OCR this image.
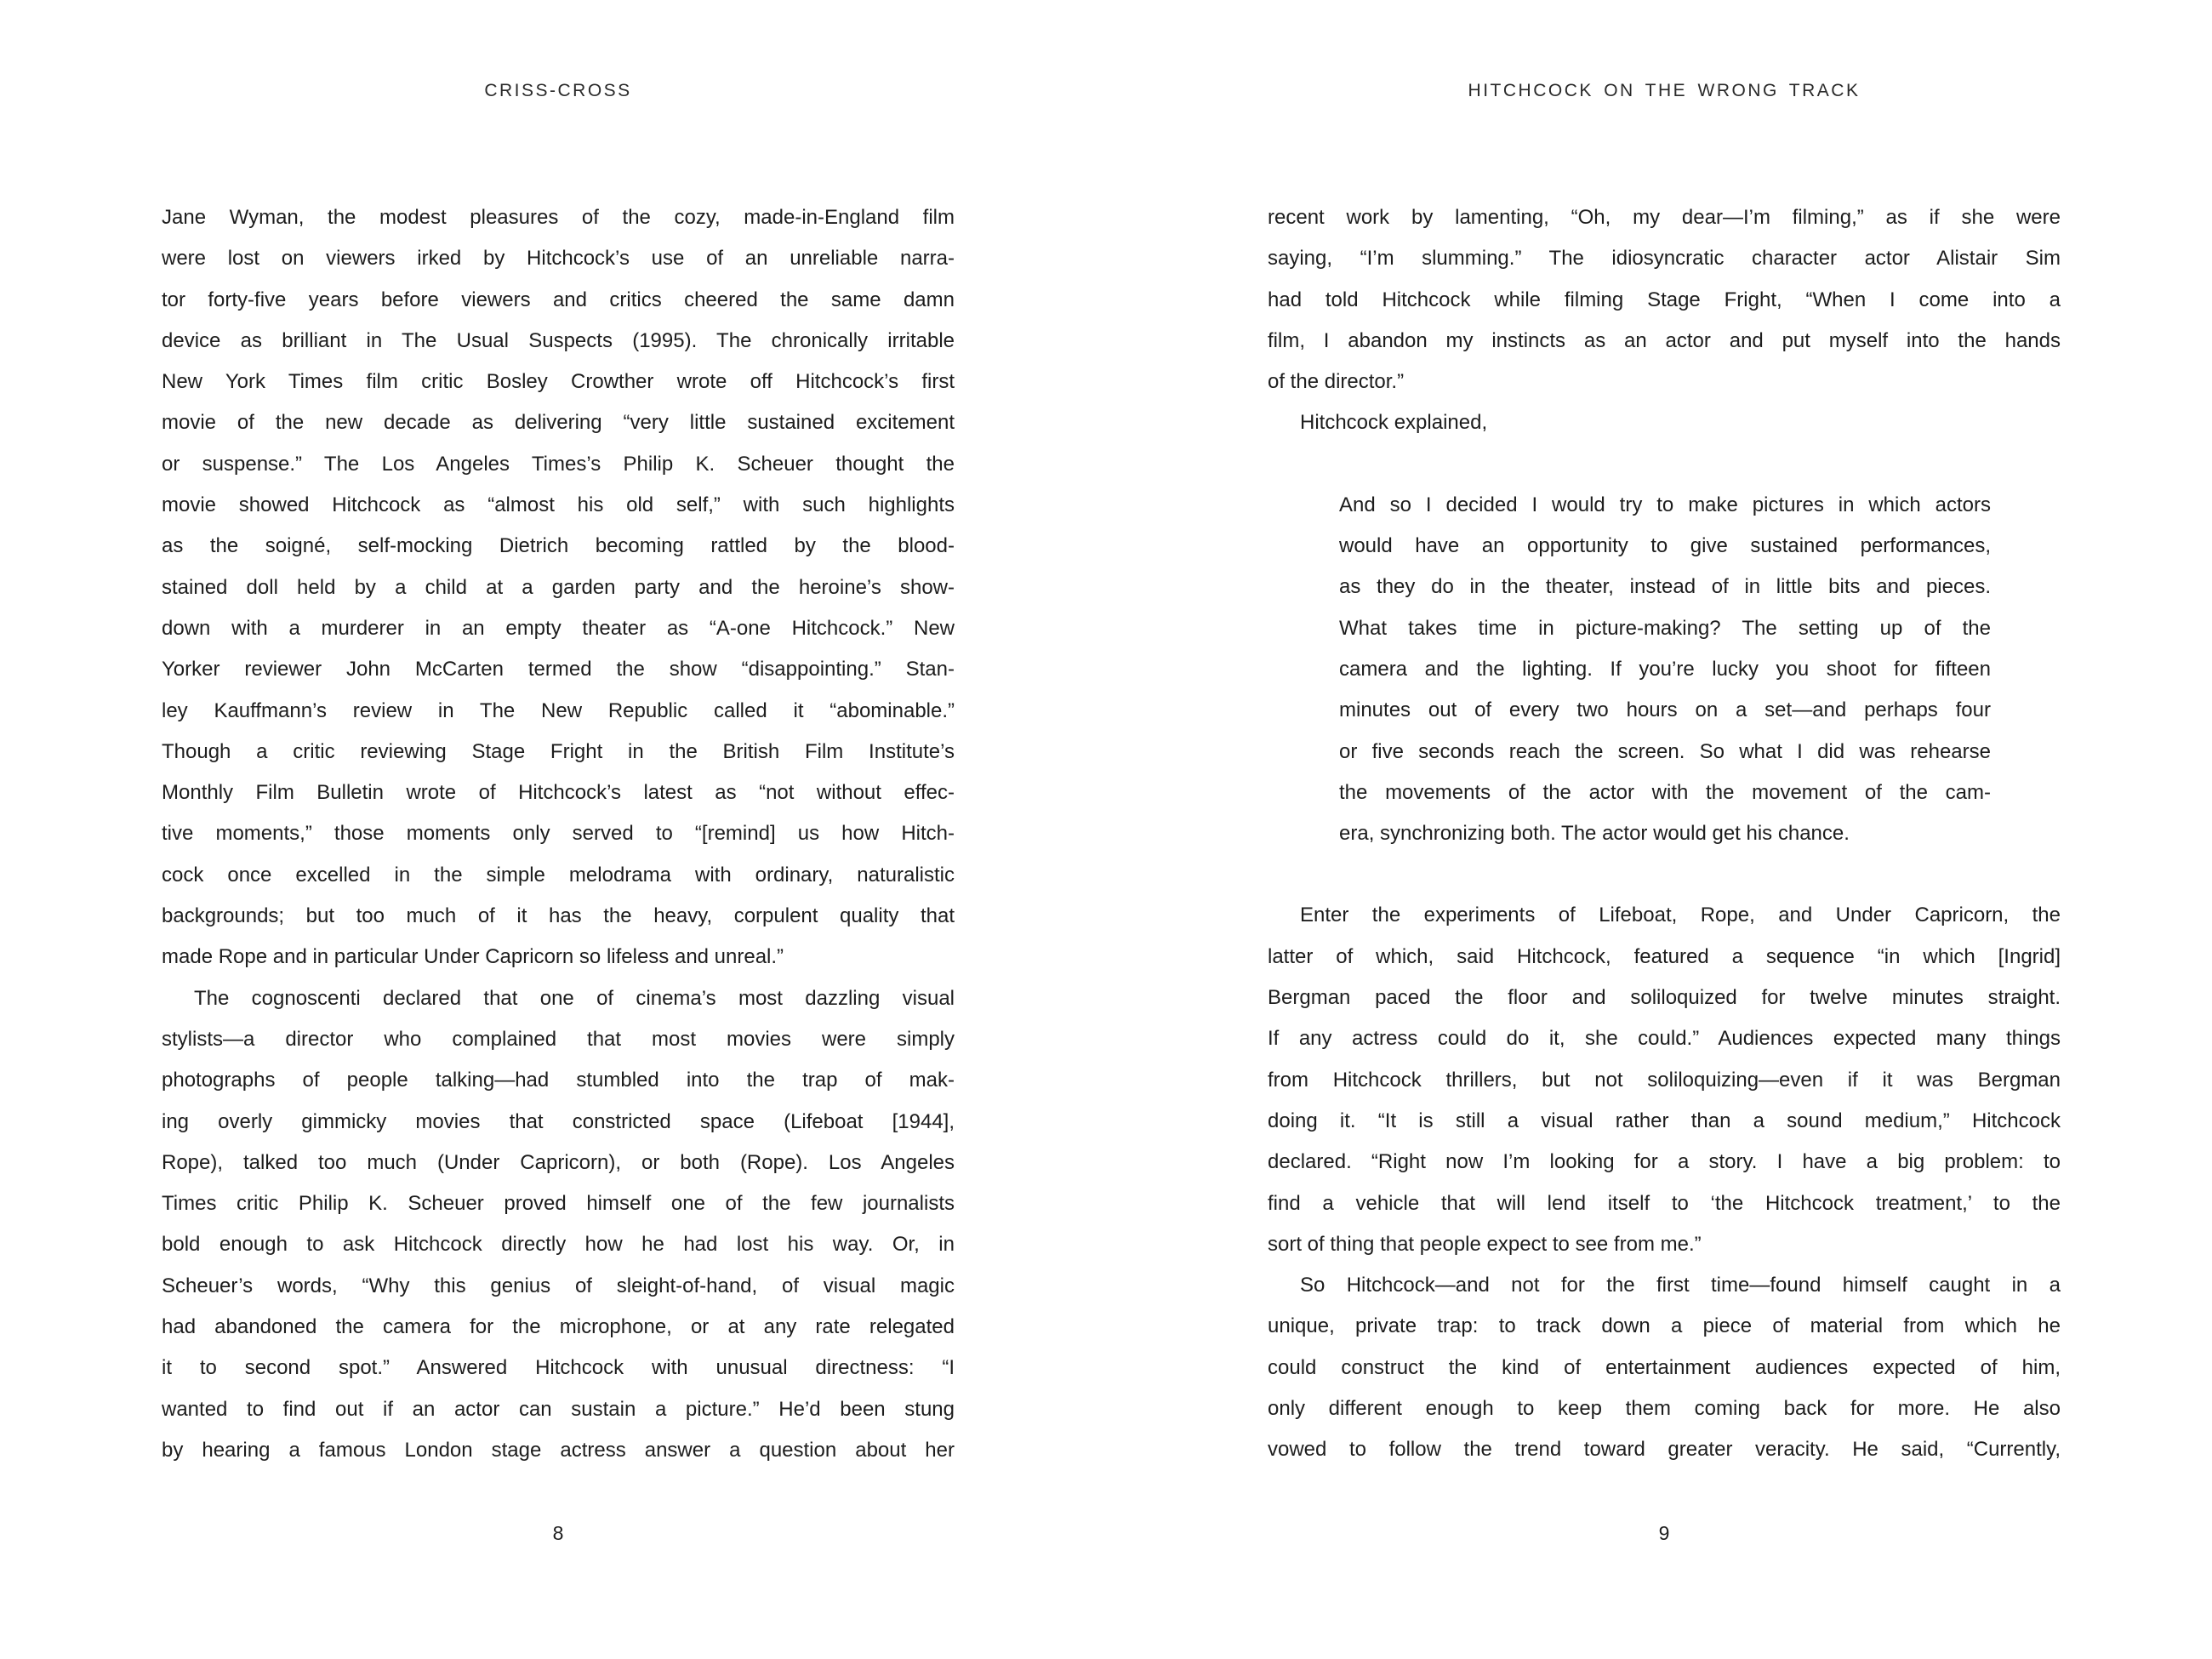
CRISS-CROSS
Jane Wyman, the modest pleasures of the cozy, made-in-England film
were lost on viewers irked by Hitchcock’s use of an unreliable narra-
tor forty-five years before viewers and critics cheered the same damn
device as brilliant in The Usual Suspects (1995). The chronically irritable
New York Times film critic Bosley Crowther wrote off Hitchcock’s first
movie of the new decade as delivering “very little sustained excitement
or suspense.” The Los Angeles Times’s Philip K. Scheuer thought the
movie showed Hitchcock as “almost his old self,” with such highlights
as the soigné, self-mocking Dietrich becoming rattled by the blood-
stained doll held by a child at a garden party and the heroine’s show-
down with a murderer in an empty theater as “A-one Hitchcock.” New
Yorker reviewer John McCarten termed the show “disappointing.” Stan-
ley Kauffmann’s review in The New Republic called it “abominable.”
Though a critic reviewing Stage Fright in the British Film Institute’s
Monthly Film Bulletin wrote of Hitchcock’s latest as “not without effec-
tive moments,” those moments only served to “[remind] us how Hitch-
cock once excelled in the simple melodrama with ordinary, naturalistic
backgrounds; but too much of it has the heavy, corpulent quality that
made Rope and in particular Under Capricorn so lifeless and unreal.”
The cognoscenti declared that one of cinema’s most dazzling visual
stylists—a director who complained that most movies were simply
photographs of people talking—had stumbled into the trap of mak-
ing overly gimmicky movies that constricted space (Lifeboat [1944],
Rope), talked too much (Under Capricorn), or both (Rope). Los Angeles
Times critic Philip K. Scheuer proved himself one of the few journalists
bold enough to ask Hitchcock directly how he had lost his way. Or, in
Scheuer’s words, “Why this genius of sleight-of-hand, of visual magic
had abandoned the camera for the microphone, or at any rate relegated
it to second spot.” Answered Hitchcock with unusual directness: “I
wanted to find out if an actor can sustain a picture.” He’d been stung
by hearing a famous London stage actress answer a question about her
8
HITCHCOCK ON THE WRONG TRACK
recent work by lamenting, “Oh, my dear—I’m filming,” as if she were
saying, “I’m slumming.” The idiosyncratic character actor Alistair Sim
had told Hitchcock while filming Stage Fright, “When I come into a
film, I abandon my instincts as an actor and put myself into the hands
of the director.”
Hitchcock explained,
And so I decided I would try to make pictures in which actors
would have an opportunity to give sustained performances,
as they do in the theater, instead of in little bits and pieces.
What takes time in picture-making? The setting up of the
camera and the lighting. If you’re lucky you shoot for fifteen
minutes out of every two hours on a set—and perhaps four
or five seconds reach the screen. So what I did was rehearse
the movements of the actor with the movement of the cam-
era, synchronizing both. The actor would get his chance.
Enter the experiments of Lifeboat, Rope, and Under Capricorn, the
latter of which, said Hitchcock, featured a sequence “in which [Ingrid]
Bergman paced the floor and soliloquized for twelve minutes straight.
If any actress could do it, she could.” Audiences expected many things
from Hitchcock thrillers, but not soliloquizing—even if it was Bergman
doing it. “It is still a visual rather than a sound medium,” Hitchcock
declared. “Right now I’m looking for a story. I have a big problem: to
find a vehicle that will lend itself to ‘the Hitchcock treatment,’ to the
sort of thing that people expect to see from me.”
So Hitchcock—and not for the first time—found himself caught in a
unique, private trap: to track down a piece of material from which he
could construct the kind of entertainment audiences expected of him,
only different enough to keep them coming back for more. He also
vowed to follow the trend toward greater veracity. He said, “Currently,
9
